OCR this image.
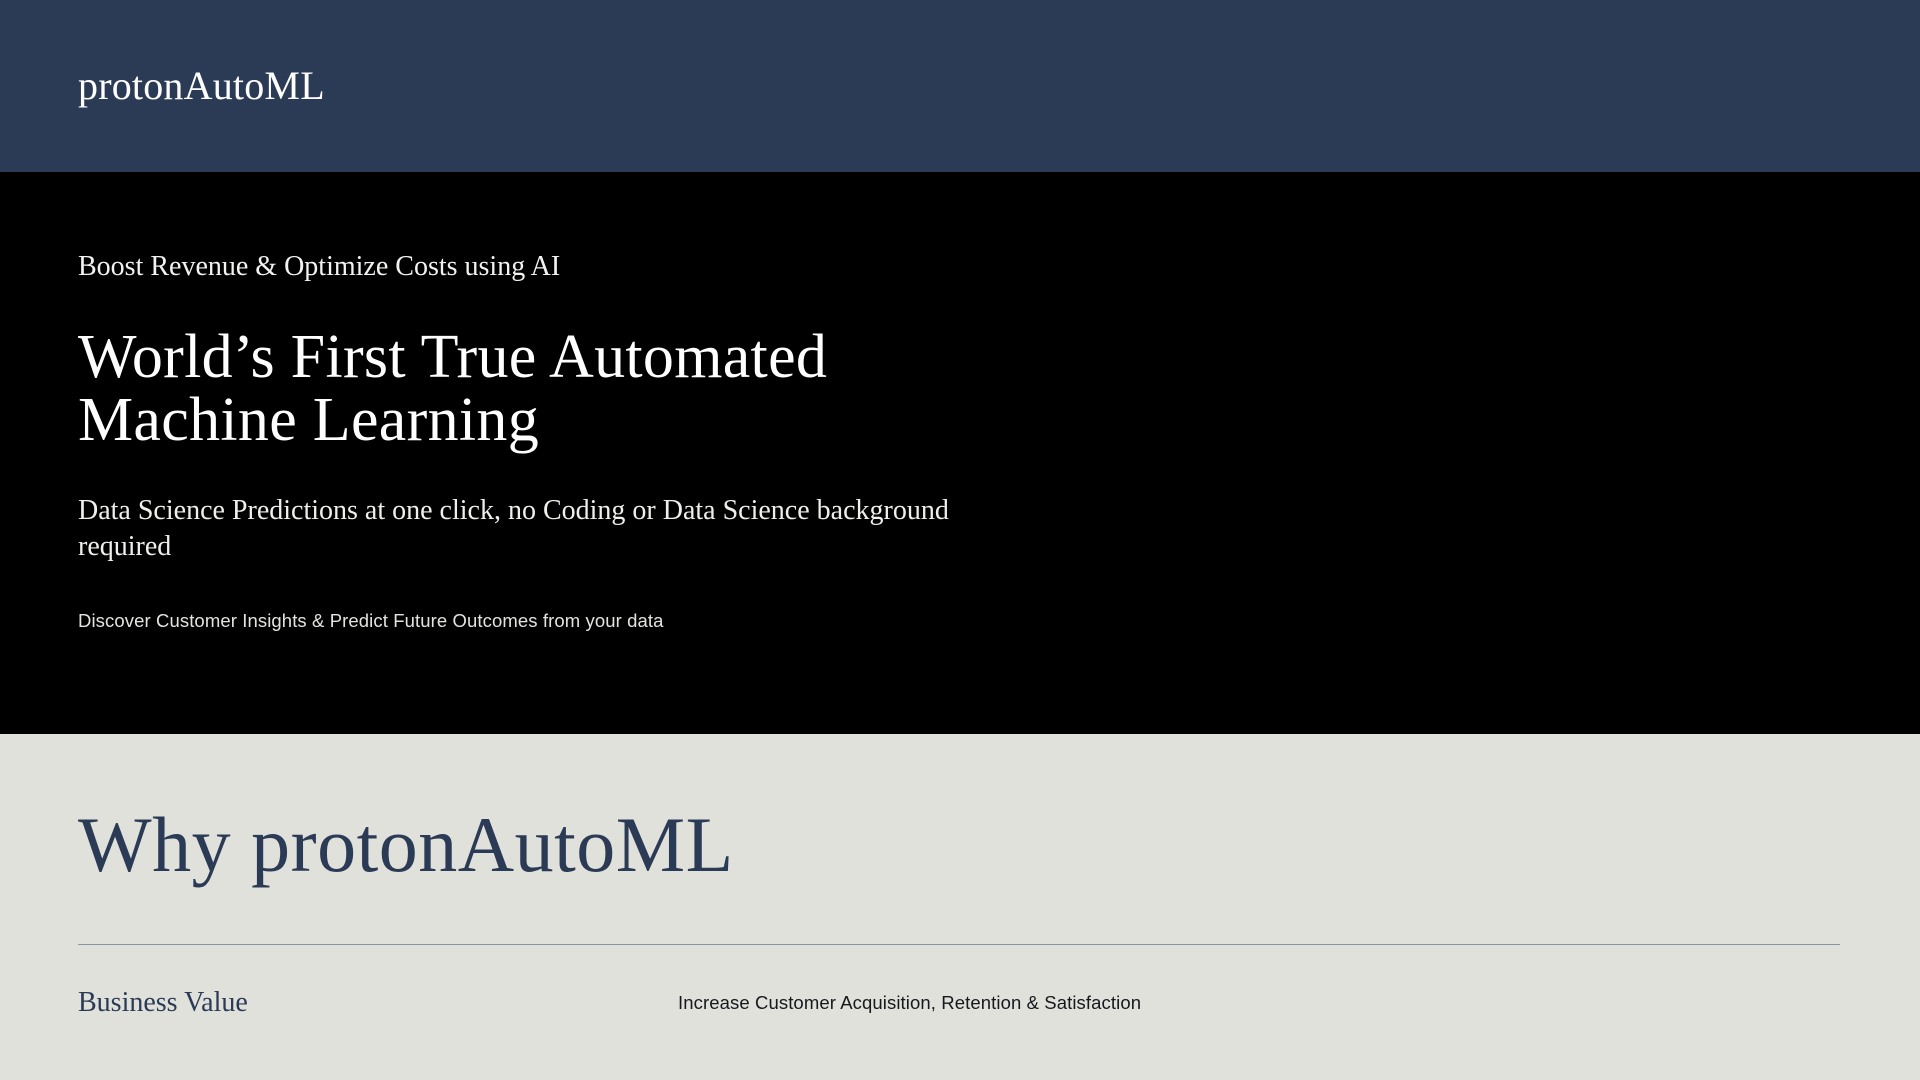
protonAutoML
Boost Revenue & Optimize Costs using AI
World’s First True Automated Machine Learning
Data Science Predictions at one click, no Coding or Data Science background required
Discover Customer Insights & Predict Future Outcomes from your data
Why protonAutoML
Business Value	Increase Customer Acquisition, Retention & Satisfaction
